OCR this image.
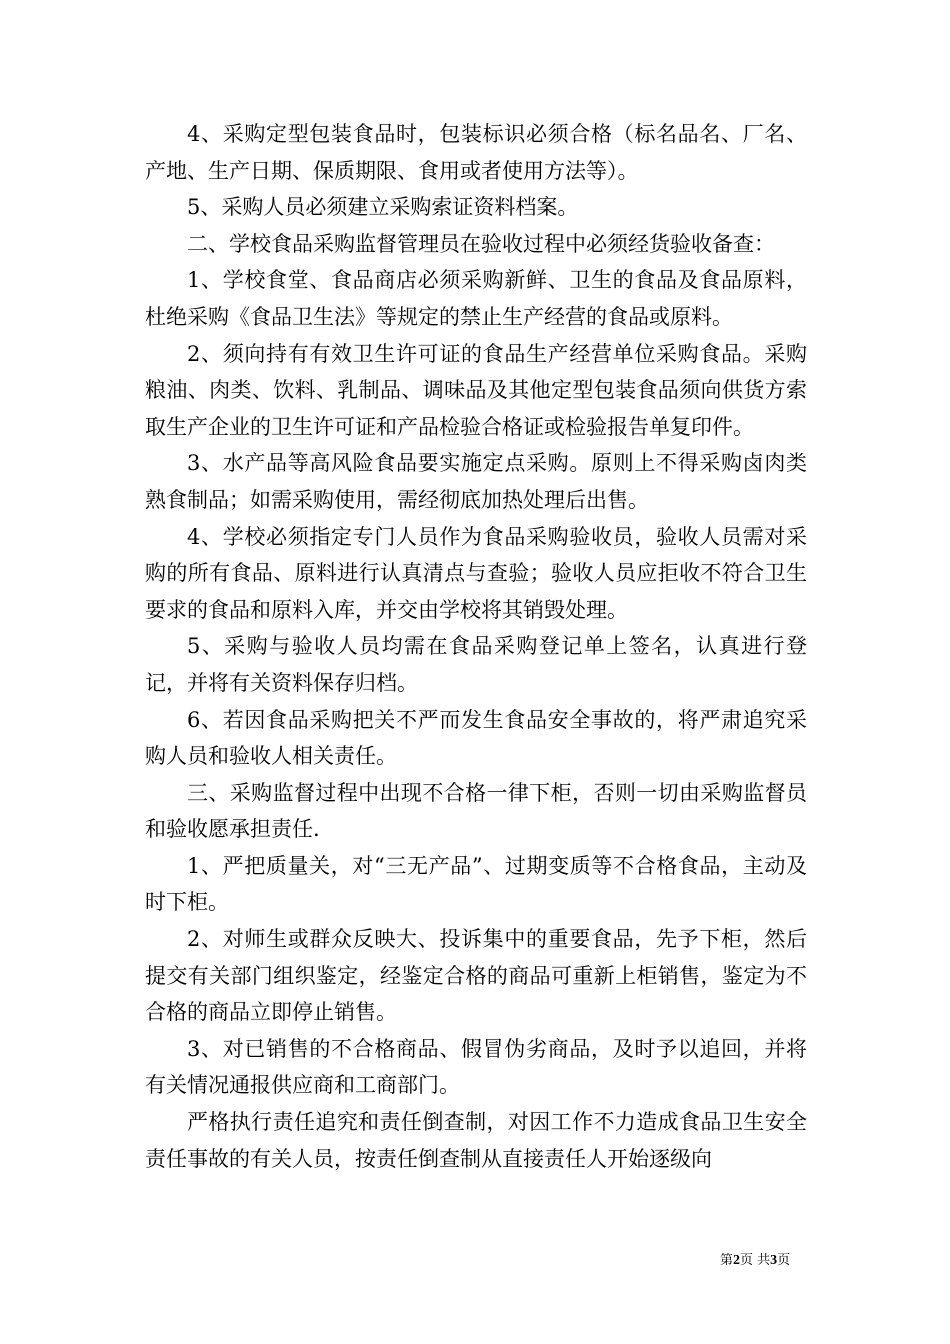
4、采购定型包装食品时，包装标识必须合格（标名品名、厂名、产地、生产日期、保质期限、食用或者使用方法等）。

5、采购人员必须建立采购索证资料档案。

二、学校食品采购监督管理员在验收过程中必须经货验收备查：

1、学校食堂、食品商店必须采购新鲜、卫生的食品及食品原料，杜绝采购《食品卫生法》等规定的禁止生产经营的食品或原料。

2、须向持有有效卫生许可证的食品生产经营单位采购食品。采购粮油、肉类、饮料、乳制品、调味品及其他定型包装食品须向供货方索取生产企业的卫生许可证和产品检验合格证或检验报告单复印件。

3、水产品等高风险食品要实施定点采购。原则上不得采购卤肉类熟食制品；如需采购使用，需经彻底加热处理后出售。

4、学校必须指定专门人员作为食品采购验收员，验收人员需对采购的所有食品、原料进行认真清点与查验；验收人员应拒收不符合卫生要求的食品和原料入库，并交由学校将其销毁处理。

5、采购与验收人员均需在食品采购登记单上签名，认真进行登记，并将有关资料保存归档。

6、若因食品采购把关不严而发生食品安全事故的，将严肃追究采购人员和验收人相关责任。

三、采购监督过程中出现不合格一律下柜，否则一切由采购监督员和验收愿承担责任.

1、严把质量关，对“三无产品”、过期变质等不合格食品，主动及时下柜。

2、对师生或群众反映大、投诉集中的重要食品，先予下柜，然后提交有关部门组织鉴定，经鉴定合格的商品可重新上柜销售，鉴定为不合格的商品立即停止销售。

3、对已销售的不合格商品、假冒伪劣商品，及时予以追回，并将有关情况通报供应商和工商部门。

严格执行责任追究和责任倒查制，对因工作不力造成食品卫生安全责任事故的有关人员，按责任倒查制从直接责任人开始逐级向

第2页 共3页
